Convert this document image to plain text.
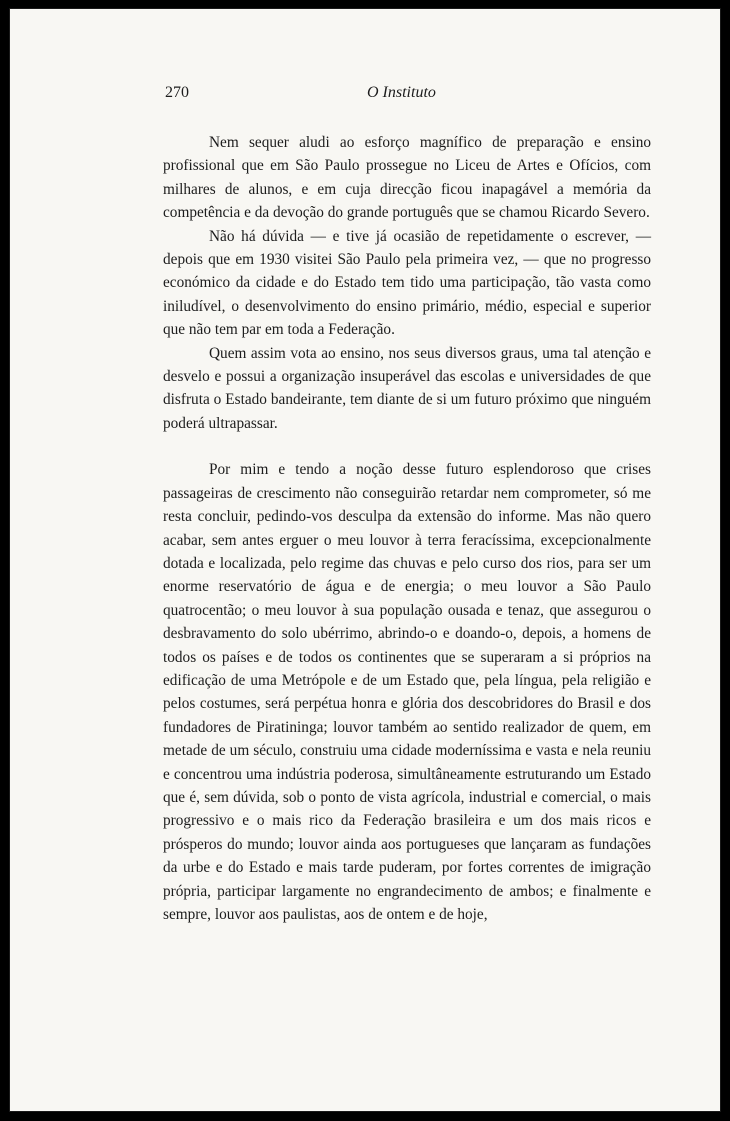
270	O Instituto

Nem sequer aludi ao esforço magnífico de preparação e ensino profissional que em São Paulo prossegue no Liceu de Artes e Ofícios, com milhares de alunos, e em cuja direcção ficou inapagável a memória da competência e da devoção do grande português que se chamou Ricardo Severo.

Não há dúvida — e tive já ocasião de repetidamente o escrever, — depois que em 1930 visitei São Paulo pela primeira vez, — que no progresso económico da cidade e do Estado tem tido uma participação, tão vasta como iniludível, o desenvolvimento do ensino primário, médio, especial e superior que não tem par em toda a Federação.

Quem assim vota ao ensino, nos seus diversos graus, uma tal atenção e desvelo e possui a organização insuperável das escolas e universidades de que disfruta o Estado bandeirante, tem diante de si um futuro próximo que ninguém poderá ultrapassar.

Por mim e tendo a noção desse futuro esplendoroso que crises passageiras de crescimento não conseguirão retardar nem comprometer, só me resta concluir, pedindo-vos desculpa da extensão do informe. Mas não quero acabar, sem antes erguer o meu louvor à terra feracíssima, excepcionalmente dotada e localizada, pelo regime das chuvas e pelo curso dos rios, para ser um enorme reservatório de água e de energia; o meu louvor a São Paulo quatrocentão; o meu louvor à sua população ousada e tenaz, que assegurou o desbravamento do solo ubérrimo, abrindo-o e doando-o, depois, a homens de todos os países e de todos os continentes que se superaram a si próprios na edificação de uma Metrópole e de um Estado que, pela língua, pela religião e pelos costumes, será perpétua honra e glória dos descobridores do Brasil e dos fundadores de Piratininga; louvor também ao sentido realizador de quem, em metade de um século, construiu uma cidade moderníssima e vasta e nela reuniu e concentrou uma indústria poderosa, simultâneamente estruturando um Estado que é, sem dúvida, sob o ponto de vista agrícola, industrial e comercial, o mais progressivo e o mais rico da Federação brasileira e um dos mais ricos e prósperos do mundo; louvor ainda aos portugueses que lançaram as fundações da urbe e do Estado e mais tarde puderam, por fortes correntes de imigração própria, participar largamente no engrandecimento de ambos; e finalmente e sempre, louvor aos paulistas, aos de ontem e de hoje,
